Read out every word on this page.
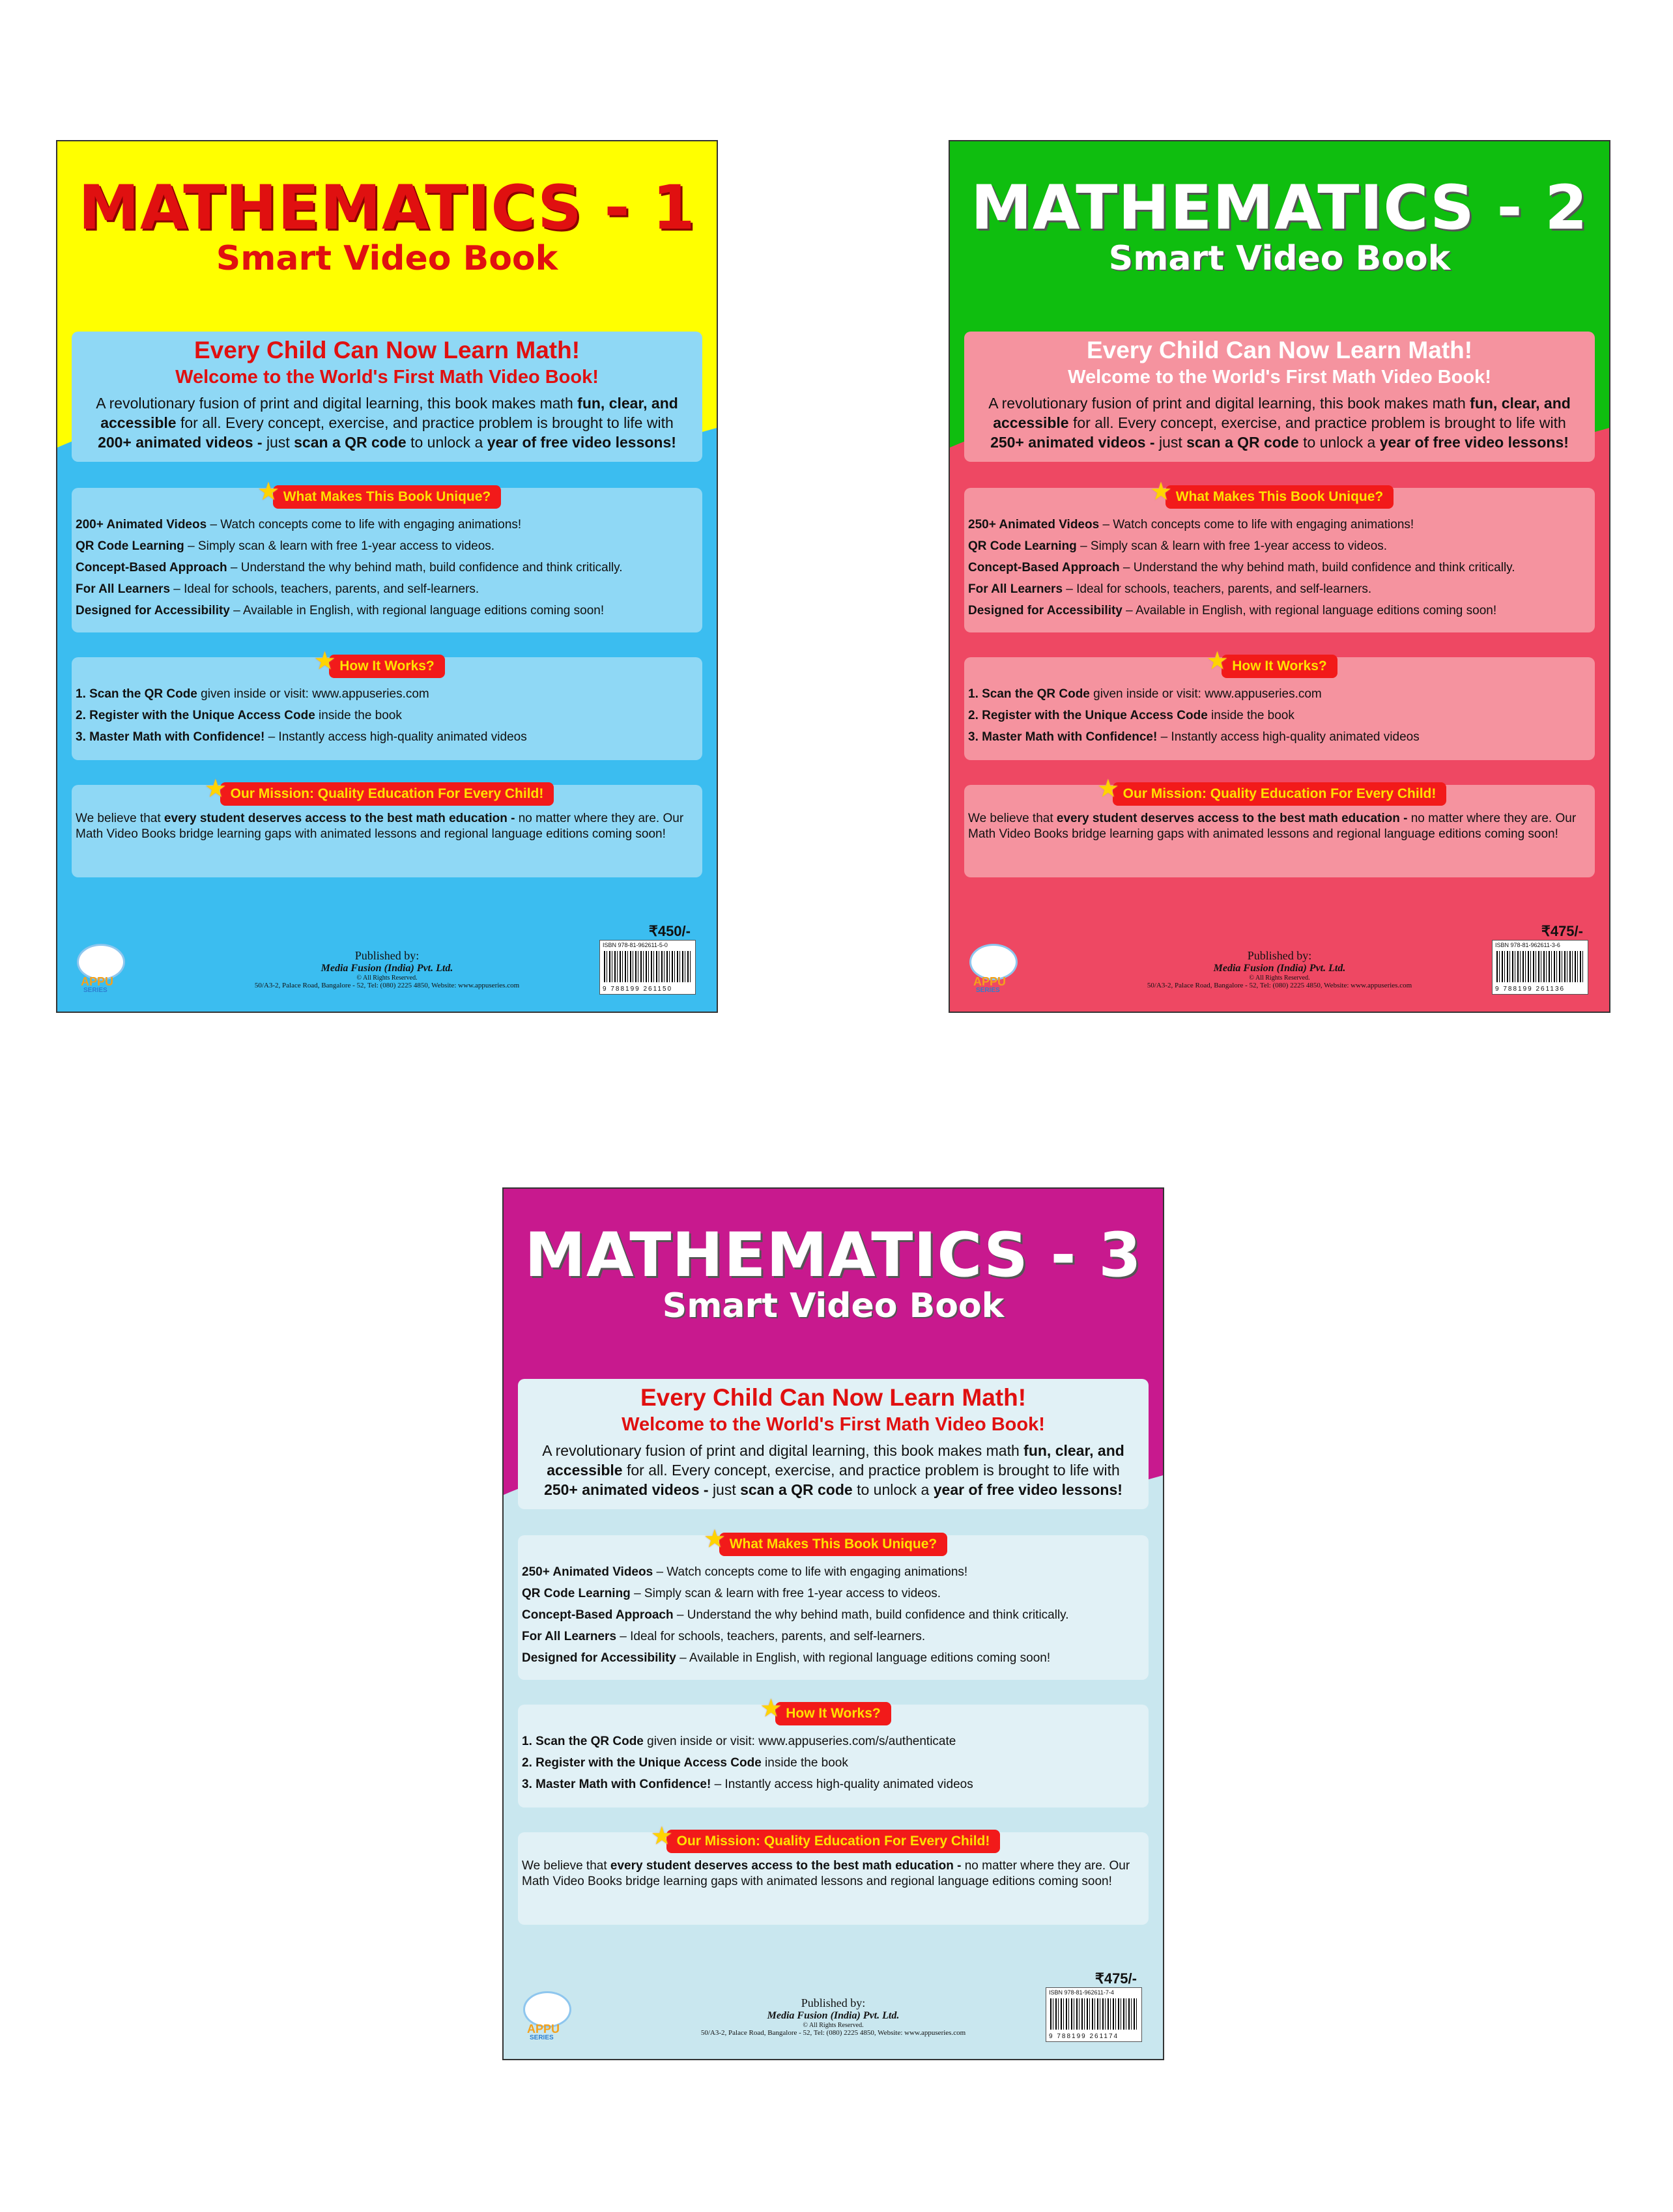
MATHEMATICS - 1
Smart Video Book
Every Child Can Now Learn Math!
Welcome to the World's First Math Video Book!

A revolutionary fusion of print and digital learning, this book makes math fun, clear, and accessible for all. Every concept, exercise, and practice problem is brought to life with 200+ animated videos - just scan a QR code to unlock a year of free video lessons!

★ What Makes This Book Unique?
200+ Animated Videos – Watch concepts come to life with engaging animations!
QR Code Learning – Simply scan & learn with free 1-year access to videos.
Concept-Based Approach – Understand the why behind math, build confidence and think critically.
For All Learners – Ideal for schools, teachers, parents, and self-learners.
Designed for Accessibility – Available in English, with regional language editions coming soon!
★ How It Works?
1. Scan the QR Code given inside or visit: www.appuseries.com
2. Register with the Unique Access Code inside the book
3. Master Math with Confidence! – Instantly access high-quality animated videos
★ Our Mission: Quality Education For Every Child!
We believe that every student deserves access to the best math education - no matter where they are. Our Math Video Books bridge learning gaps with animated lessons and regional language editions coming soon!
APPU
SERIES
Published by:
Media Fusion (India) Pvt. Ltd.
© All Rights Reserved.
50/A3-2, Palace Road, Bangalore - 52, Tel: (080) 2225 4850, Website: www.appuseries.com
₹450/-
ISBN 978-81-962611-5-0
9 788199 261150
MATHEMATICS - 2
Smart Video Book
Every Child Can Now Learn Math!
Welcome to the World's First Math Video Book!

A revolutionary fusion of print and digital learning, this book makes math fun, clear, and accessible for all. Every concept, exercise, and practice problem is brought to life with 250+ animated videos - just scan a QR code to unlock a year of free video lessons!

★ What Makes This Book Unique?
250+ Animated Videos – Watch concepts come to life with engaging animations!
QR Code Learning – Simply scan & learn with free 1-year access to videos.
Concept-Based Approach – Understand the why behind math, build confidence and think critically.
For All Learners – Ideal for schools, teachers, parents, and self-learners.
Designed for Accessibility – Available in English, with regional language editions coming soon!
★ How It Works?
1. Scan the QR Code given inside or visit: www.appuseries.com
2. Register with the Unique Access Code inside the book
3. Master Math with Confidence! – Instantly access high-quality animated videos
★ Our Mission: Quality Education For Every Child!
We believe that every student deserves access to the best math education - no matter where they are. Our Math Video Books bridge learning gaps with animated lessons and regional language editions coming soon!
APPU
SERIES
Published by:
Media Fusion (India) Pvt. Ltd.
© All Rights Reserved.
50/A3-2, Palace Road, Bangalore - 52, Tel: (080) 2225 4850, Website: www.appuseries.com
₹475/-
ISBN 978-81-962611-3-6
9 788199 261136
MATHEMATICS - 3
Smart Video Book
Every Child Can Now Learn Math!
Welcome to the World's First Math Video Book!

A revolutionary fusion of print and digital learning, this book makes math fun, clear, and accessible for all. Every concept, exercise, and practice problem is brought to life with 250+ animated videos - just scan a QR code to unlock a year of free video lessons!

★ What Makes This Book Unique?
250+ Animated Videos – Watch concepts come to life with engaging animations!
QR Code Learning – Simply scan & learn with free 1-year access to videos.
Concept-Based Approach – Understand the why behind math, build confidence and think critically.
For All Learners – Ideal for schools, teachers, parents, and self-learners.
Designed for Accessibility – Available in English, with regional language editions coming soon!
★ How It Works?
1. Scan the QR Code given inside or visit: www.appuseries.com/s/authenticate
2. Register with the Unique Access Code inside the book
3. Master Math with Confidence! – Instantly access high-quality animated videos
★ Our Mission: Quality Education For Every Child!
We believe that every student deserves access to the best math education - no matter where they are. Our Math Video Books bridge learning gaps with animated lessons and regional language editions coming soon!
APPU
SERIES
Published by:
Media Fusion (India) Pvt. Ltd.
© All Rights Reserved.
50/A3-2, Palace Road, Bangalore - 52, Tel: (080) 2225 4850, Website: www.appuseries.com
₹475/-
ISBN 978-81-962611-7-4
9 788199 261174
